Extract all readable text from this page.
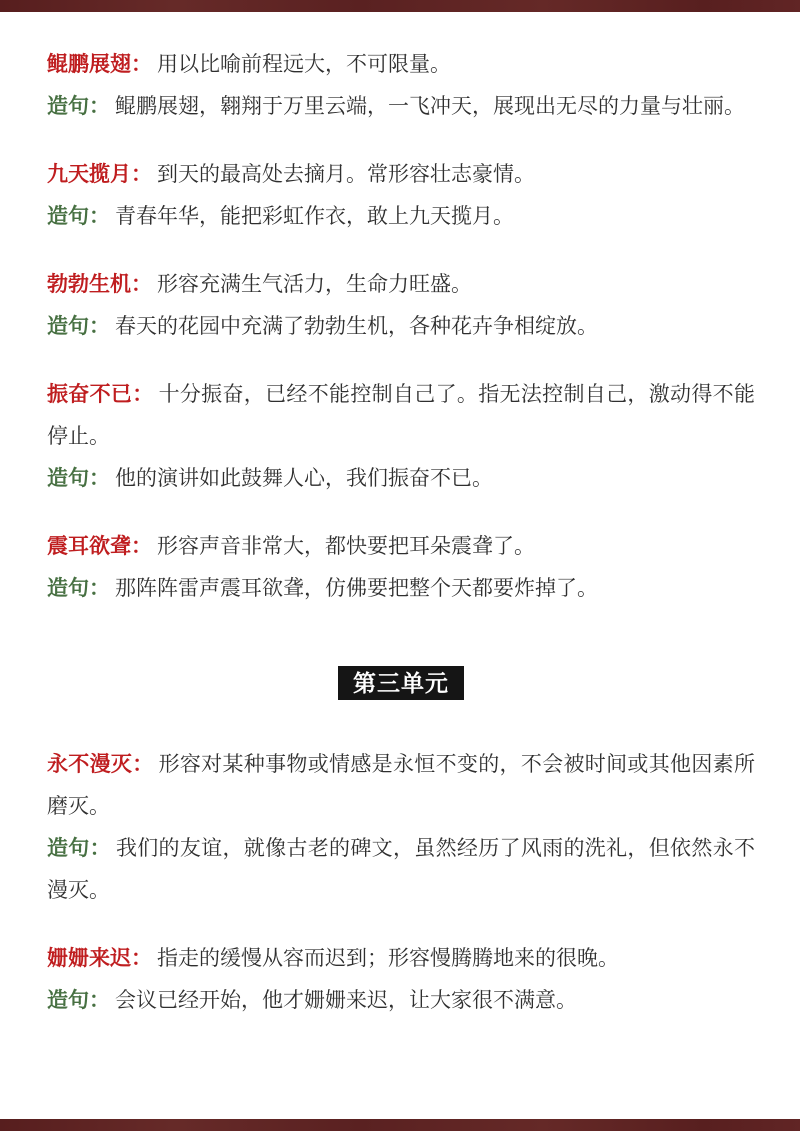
鲲鹏展翅： 用以比喻前程远大，不可限量。

造句： 鲲鹏展翅，翱翔于万里云端，一飞冲天，展现出无尽的力量与壮丽。

九天揽月： 到天的最高处去摘月。常形容壮志豪情。

造句： 青春年华，能把彩虹作衣，敢上九天揽月。

勃勃生机： 形容充满生气活力，生命力旺盛。

造句： 春天的花园中充满了勃勃生机，各种花卉争相绽放。

振奋不已： 十分振奋，已经不能控制自己了。指无法控制自己，激动得不能停止。

造句： 他的演讲如此鼓舞人心，我们振奋不已。

震耳欲聋： 形容声音非常大，都快要把耳朵震聋了。

造句： 那阵阵雷声震耳欲聋，仿佛要把整个天都要炸掉了。

第三单元

永不漫灭： 形容对某种事物或情感是永恒不变的，不会被时间或其他因素所磨灭。

造句： 我们的友谊，就像古老的碑文，虽然经历了风雨的洗礼，但依然永不漫灭。

姗姗来迟： 指走的缓慢从容而迟到；形容慢腾腾地来的很晚。

造句： 会议已经开始，他才姗姗来迟，让大家很不满意。
